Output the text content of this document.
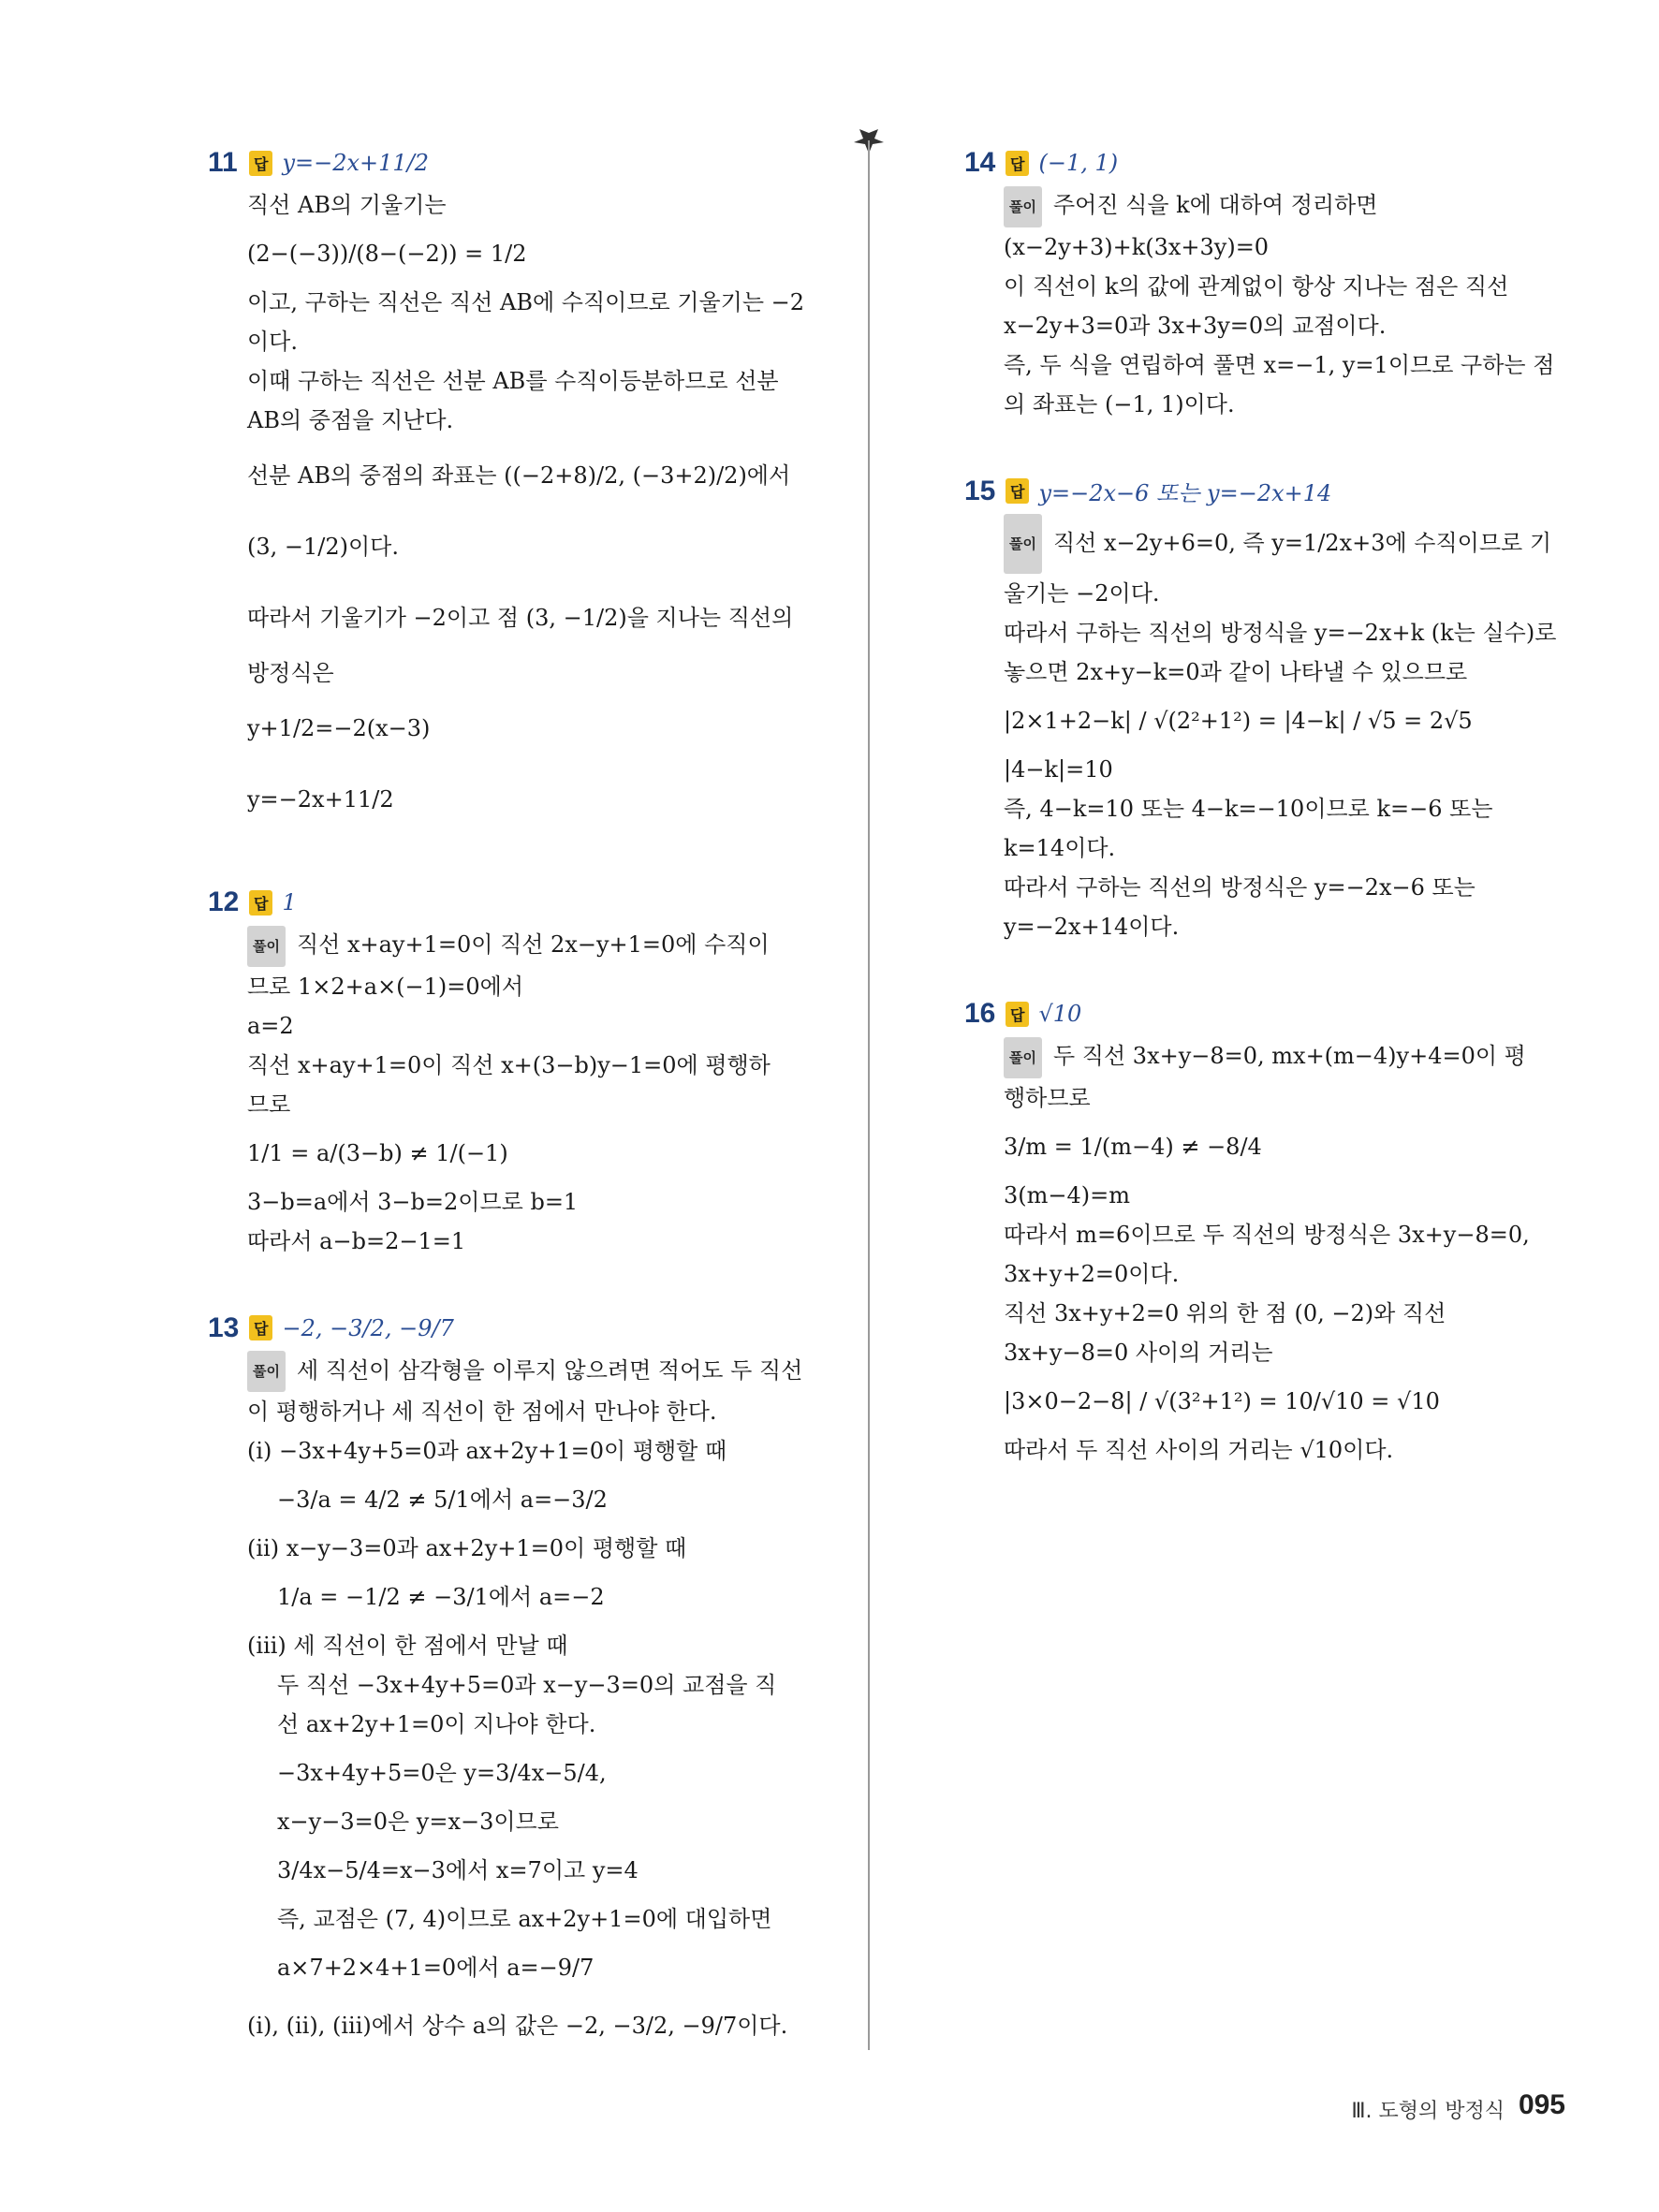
11	답 y=−2x+11/2
직선 AB의 기울기는
(2−(−3))/(8−(−2)) = 1/2
이고, 구하는 직선은 직선 AB에 수직이므로 기울기는 −2
이다.
이때 구하는 직선은 선분 AB를 수직이등분하므로 선분
AB의 중점을 지난다.
선분 AB의 중점의 좌표는 ((−2+8)/2, (−3+2)/2)에서
(3, −1/2)이다.
따라서 기울기가 −2이고 점 (3, −1/2)을 지나는 직선의
방정식은
y+1/2=−2(x−3)
y=−2x+11/2
12 답 1
풀이 직선 x+ay+1=0이 직선 2x−y+1=0에 수직이
므로 1×2+a×(−1)=0에서
a=2
직선 x+ay+1=0이 직선 x+(3−b)y−1=0에 평행하
므로
1/1 = a/(3−b) ≠ 1/(−1)
3−b=a에서 3−b=2이므로 b=1
따라서 a−b=2−1=1
13 답 −2, −3/2, −9/7
풀이 세 직선이 삼각형을 이루지 않으려면 적어도 두 직선
이 평행하거나 세 직선이 한 점에서 만나야 한다.
(ⅰ) −3x+4y+5=0과 ax+2y+1=0이 평행할 때
−3/a = 4/2 ≠ 5/1에서 a=−3/2
(ⅱ) x−y−3=0과 ax+2y+1=0이 평행할 때
1/a = −1/2 ≠ −3/1에서 a=−2
(ⅲ) 세 직선이 한 점에서 만날 때
두 직선 −3x+4y+5=0과 x−y−3=0의 교점을 직
선 ax+2y+1=0이 지나야 한다.
−3x+4y+5=0은 y=3/4x−5/4,
x−y−3=0은 y=x−3이므로
3/4x−5/4=x−3에서 x=7이고 y=4
즉, 교점은 (7, 4)이므로 ax+2y+1=0에 대입하면
a×7+2×4+1=0에서 a=−9/7
(ⅰ), (ⅱ), (ⅲ)에서 상수 a의 값은 −2, −3/2, −9/7이다.
14 답 (−1, 1)
풀이 주어진 식을 k에 대하여 정리하면
(x−2y+3)+k(3x+3y)=0
이 직선이 k의 값에 관계없이 항상 지나는 점은 직선
x−2y+3=0과 3x+3y=0의 교점이다.
즉, 두 식을 연립하여 풀면 x=−1, y=1이므로 구하는 점
의 좌표는 (−1, 1)이다.
15 답 y=−2x−6 또는 y=−2x+14
풀이 직선 x−2y+6=0, 즉 y=1/2x+3에 수직이므로 기
울기는 −2이다.
따라서 구하는 직선의 방정식을 y=−2x+k (k는 실수)로
놓으면 2x+y−k=0과 같이 나타낼 수 있으므로
|2×1+2−k| / √(2²+1²) = |4−k| / √5 = 2√5
|4−k|=10
즉, 4−k=10 또는 4−k=−10이므로 k=−6 또는
k=14이다.
따라서 구하는 직선의 방정식은 y=−2x−6 또는
y=−2x+14이다.
16 답 √10
풀이 두 직선 3x+y−8=0, mx+(m−4)y+4=0이 평
행하므로
3/m = 1/(m−4) ≠ −8/4
3(m−4)=m
따라서 m=6이므로 두 직선의 방정식은 3x+y−8=0,
3x+y+2=0이다.
직선 3x+y+2=0 위의 한 점 (0, −2)와 직선
3x+y−8=0 사이의 거리는
|3×0−2−8| / √(3²+1²) = 10/√10 = √10
따라서 두 직선 사이의 거리는 √10이다.
Ⅲ. 도형의 방정식 095
